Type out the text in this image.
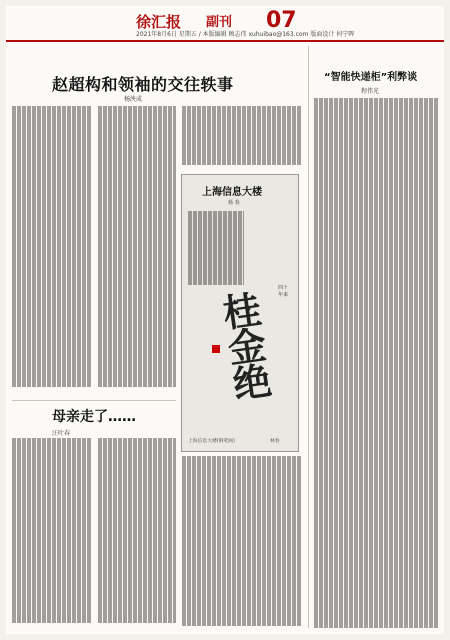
徐汇报 副刊 07
2021年8月6日 星期五 / 本版编辑 顾志伟 xuhuibao@163.com 版面设计 何宁晖
赵超构和领袖的交往轶事
杨泱成
上海信息大楼
杨 春
桂金绝
四十年来
上海信息大楼(钢笔画)	林春
母亲走了……
汪叶春
“智能快递柜”利弊谈
程伟光
